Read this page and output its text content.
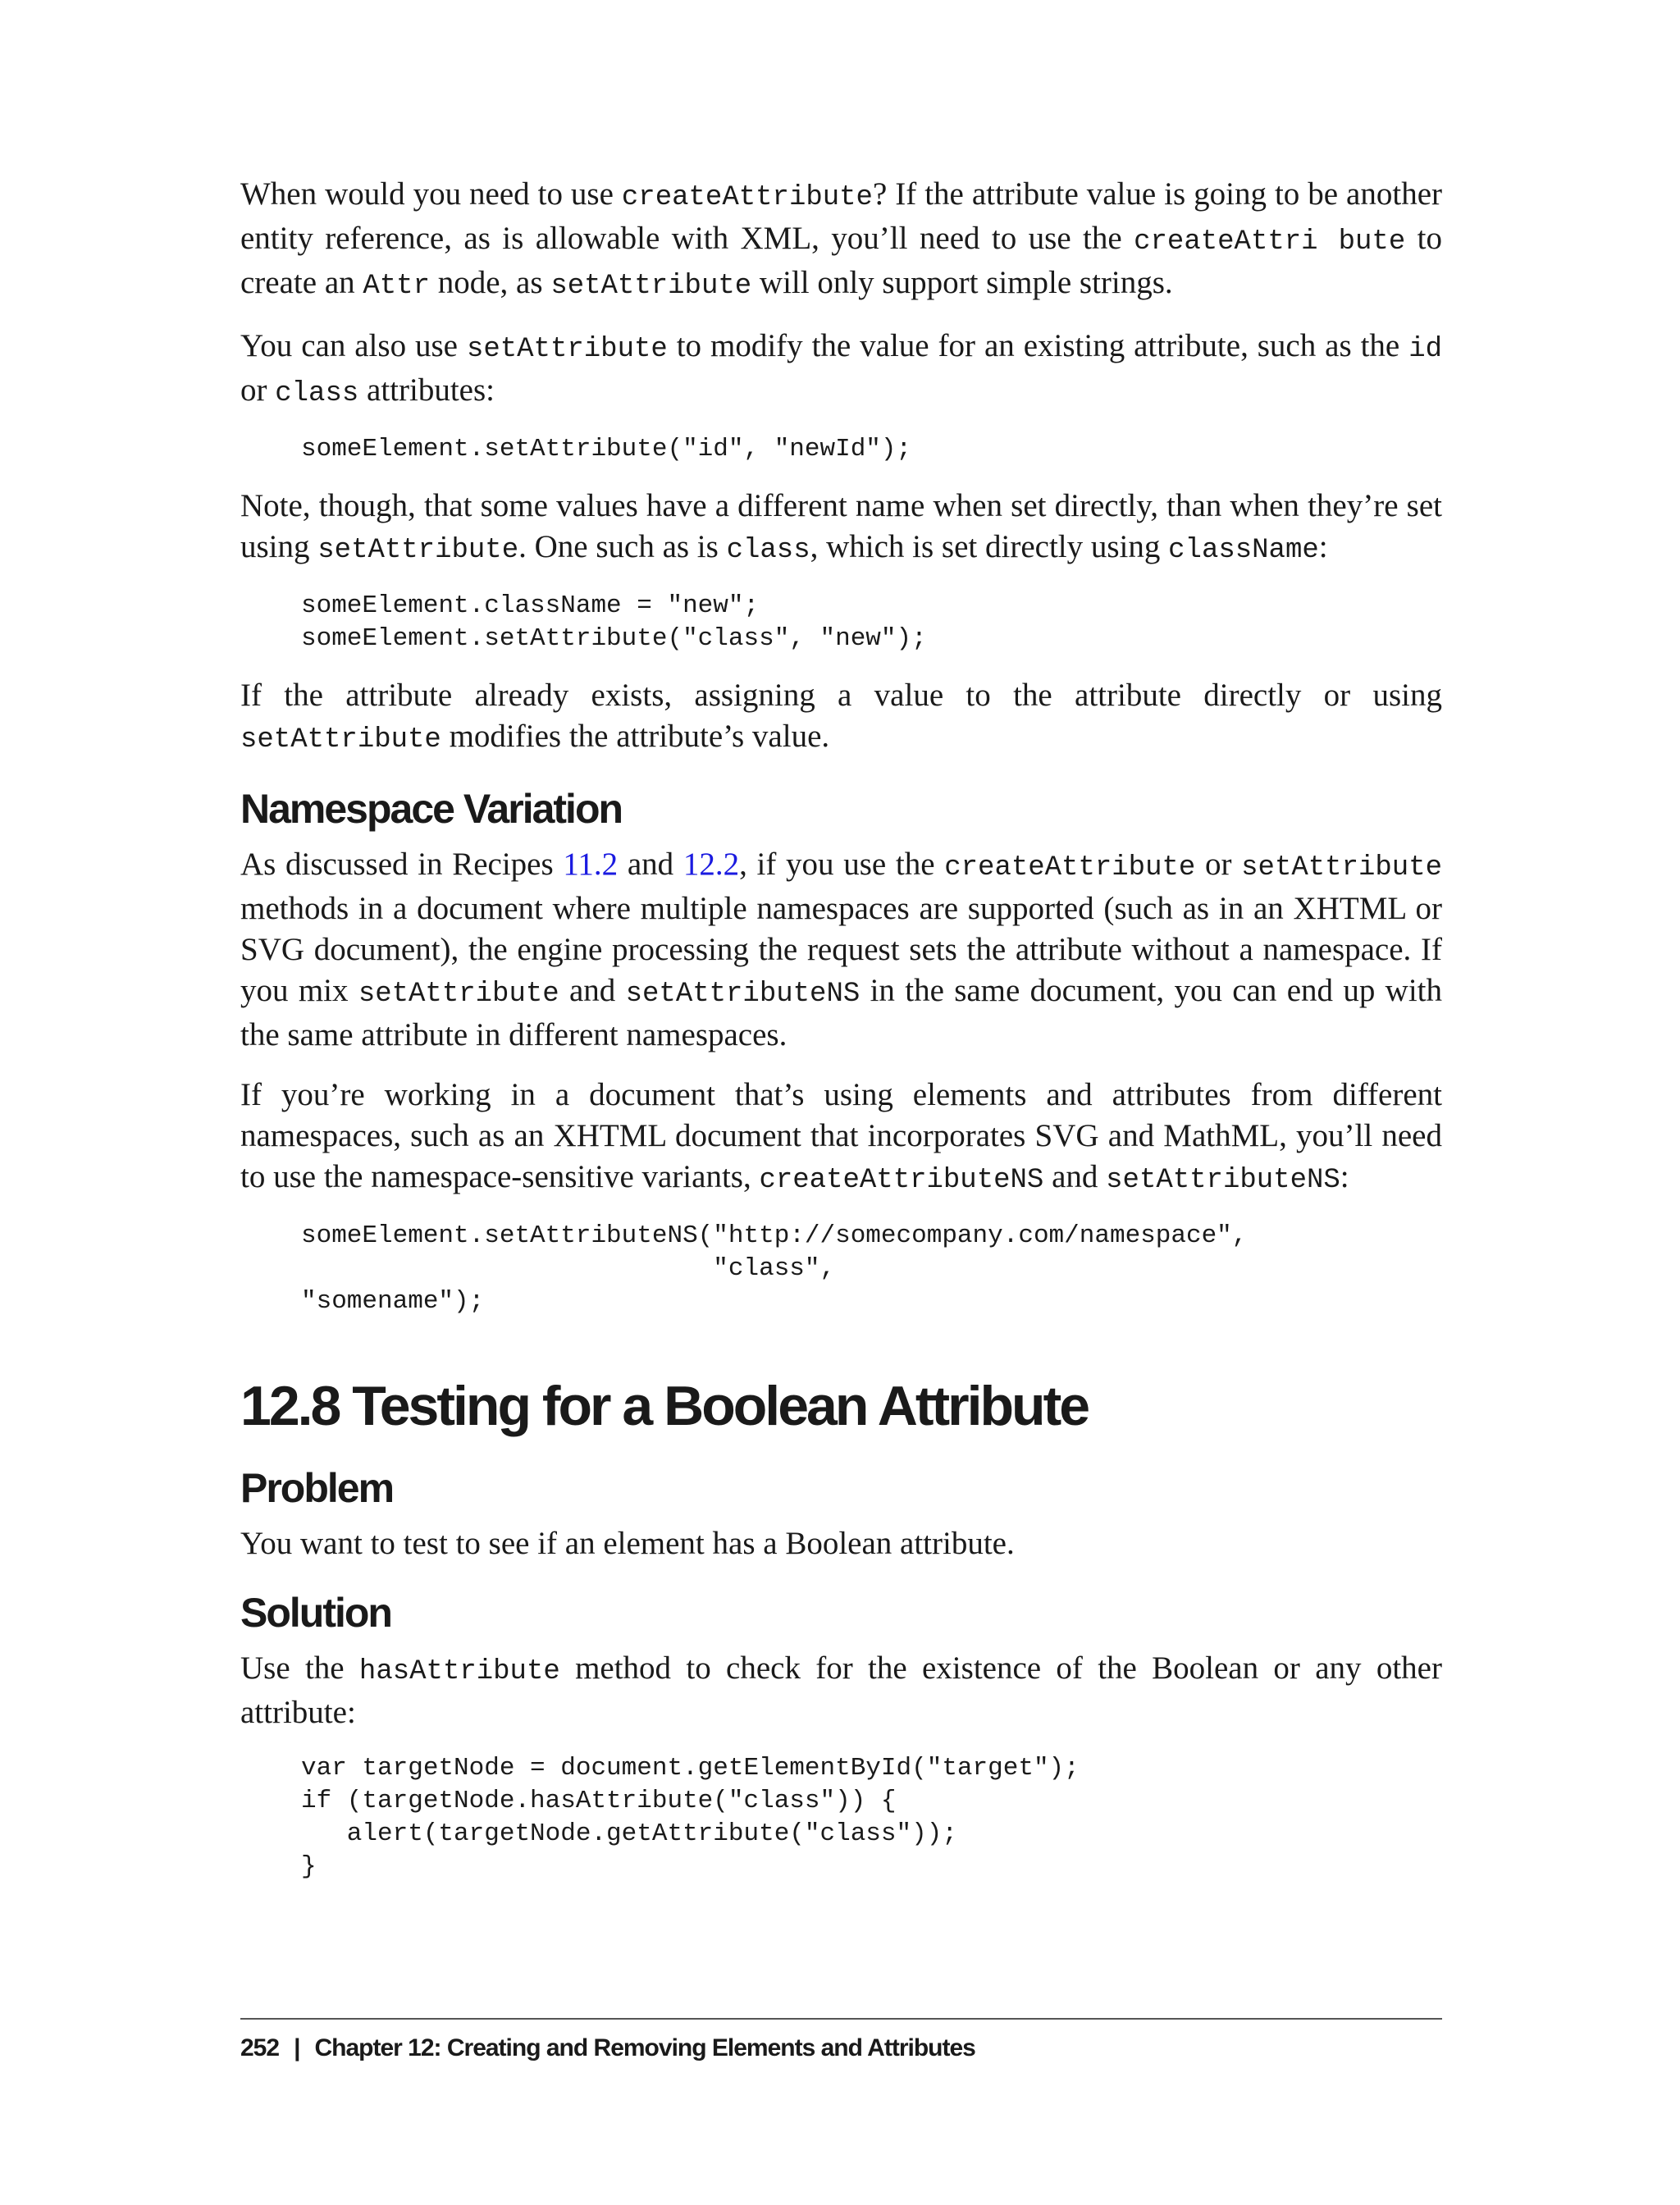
When would you need to use createAttribute? If the attribute value is going to be another entity reference, as is allowable with XML, you’ll need to use the createAttri bute to create an Attr node, as setAttribute will only support simple strings.

You can also use setAttribute to modify the value for an existing attribute, such as the id or class attributes:

someElement.setAttribute("id", "newId");

Note, though, that some values have a different name when set directly, than when they’re set using setAttribute. One such as is class, which is set directly using className:

someElement.className = "new";
someElement.setAttribute("class", "new");

If the attribute already exists, assigning a value to the attribute directly or using setAttribute modifies the attribute’s value.

Namespace Variation

As discussed in Recipes 11.2 and 12.2, if you use the createAttribute or setAttribute methods in a document where multiple namespaces are supported (such as in an XHTML or SVG document), the engine processing the request sets the attribute without a namespace. If you mix setAttribute and setAttributeNS in the same document, you can end up with the same attribute in different namespaces.

If you’re working in a document that’s using elements and attributes from different namespaces, such as an XHTML document that incorporates SVG and MathML, you’ll need to use the namespace-sensitive variants, createAttributeNS and setAttributeNS:

someElement.setAttributeNS("http://somecompany.com/namespace",
"class",
"somename");
12.8 Testing for a Boolean Attribute
Problem

You want to test to see if an element has a Boolean attribute.

Solution

Use the hasAttribute method to check for the existence of the Boolean or any other attribute:

var targetNode = document.getElementById("target");
if (targetNode.hasAttribute("class")) {
alert(targetNode.getAttribute("class"));
}
252 | Chapter 12: Creating and Removing Elements and Attributes
